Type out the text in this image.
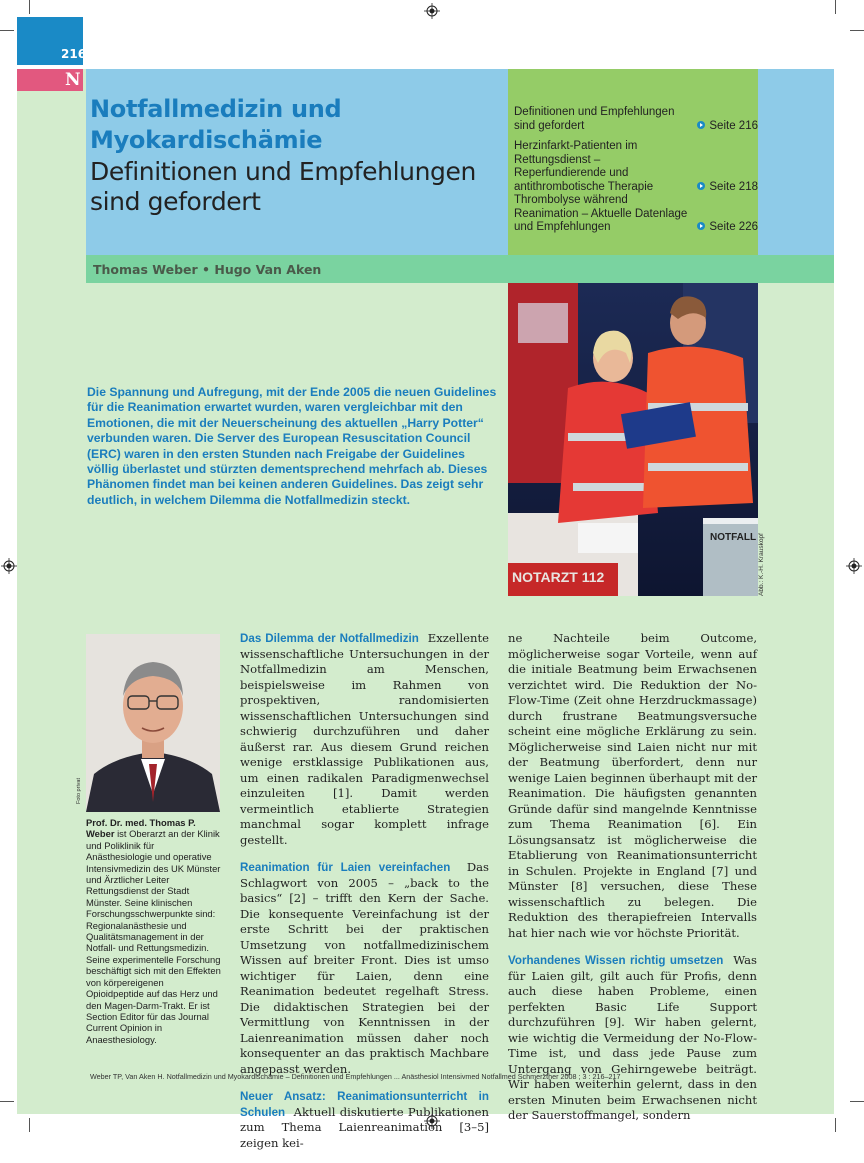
216
N
Notfallmedizin und Myokardischämie
Definitionen und Empfehlungen sind gefordert
Definitionen und Empfehlungen sind gefordert	Seite 216
Herzinfarkt-Patienten im Rettungsdienst – Reperfundierende und antithrombotische Therapie	Seite 218
Thrombolyse während Reanimation – Aktuelle Datenlage und Empfehlungen	Seite 226
Thomas Weber • Hugo Van Aken
Die Spannung und Aufregung, mit der Ende 2005 die neuen Guidelines für die Reanimation erwartet wurden, waren vergleichbar mit den Emotionen, die mit der Neuerscheinung des aktuellen „Harry Potter“ verbunden waren. Die Server des European Resuscitation Council (ERC) waren in den ersten Stunden nach Freigabe der Guidelines völlig überlastet und stürzten dementsprechend mehrfach ab. Dieses Phänomen findet man bei keinen anderen Guidelines. Das zeigt sehr deutlich, in welchem Dilemma die Notfallmedizin steckt.
NOTARZT 112
NOTFALL Abb.: K.-H. Krauskopf
Foto privat
Prof. Dr. med. Thomas P. Weber ist Oberarzt an der Klinik und Poliklinik für Anästhesiologie und operative Intensivmedizin des UK Münster und Ärztlicher Leiter Rettungsdienst der Stadt Münster. Seine klinischen Forschungsschwerpunkte sind: Regionalanästhesie und Qualitätsmanagement in der Notfall- und Rettungsmedizin. Seine experimentelle Forschung beschäftigt sich mit den Effekten von körpereigenen Opioidpeptide auf das Herz und den Magen-Darm-Trakt. Er ist Section Editor für das Journal Current Opinion in Anaesthesiology.

Das Dilemma der Notfallmedizin Exzellente wissenschaftliche Untersuchungen in der Notfallmedizin am Menschen, beispielsweise im Rahmen von prospektiven, randomisierten wissenschaftlichen Untersuchungen sind schwierig durchzuführen und daher äußerst rar. Aus diesem Grund reichen wenige erstklassige Publikationen aus, um einen radikalen Paradigmenwechsel einzuleiten [1]. Damit werden vermeintlich etablierte Strategien manchmal sogar komplett infrage gestellt.

Reanimation für Laien vereinfachen Das Schlagwort von 2005 – „back to the basics“ [2] – trifft den Kern der Sache. Die konsequente Vereinfachung ist der erste Schritt bei der praktischen Umsetzung von notfallmedizinischem Wissen auf breiter Front. Dies ist umso wichtiger für Laien, denn eine Reanimation bedeutet regelhaft Stress. Die didaktischen Strategien bei der Vermittlung von Kenntnissen in der Laienreanimation müssen daher noch konsequenter an das praktisch Machbare angepasst werden.

Neuer Ansatz: Reanimationsunterricht in Schulen Aktuell diskutierte Publikationen zum Thema Laienreanimation [3–5] zeigen kei-

ne Nachteile beim Outcome, möglicherweise sogar Vorteile, wenn auf die initiale Beatmung beim Erwachsenen verzichtet wird. Die Reduktion der No-Flow-Time (Zeit ohne Herzdruckmassage) durch frustrane Beatmungsversuche scheint eine mögliche Erklärung zu sein. Möglicherweise sind Laien nicht nur mit der Beatmung überfordert, denn nur wenige Laien beginnen überhaupt mit der Reanimation. Die häufigsten genannten Gründe dafür sind mangelnde Kenntnisse zum Thema Reanimation [6]. Ein Lösungsansatz ist möglicherweise die Etablierung von Reanimationsunterricht in Schulen. Projekte in England [7] und Münster [8] versuchen, diese These wissenschaftlich zu belegen. Die Reduktion des therapiefreien Intervalls hat hier nach wie vor höchste Priorität.

Vorhandenes Wissen richtig umsetzen Was für Laien gilt, gilt auch für Profis, denn auch diese haben Probleme, einen perfekten Basic Life Support durchzuführen [9]. Wir haben gelernt, wie wichtig die Vermeidung der No-Flow-Time ist, und dass jede Pause zum Untergang von Gehirngewebe beiträgt. Wir haben weiterhin gelernt, dass in den ersten Minuten beim Erwachsenen nicht der Sauerstoffmangel, sondern

Weber TP, Van Aken H. Notfallmedizin und Myokardischämie – Definitionen und Empfehlungen ... Anästhesiol Intensivmed Notfallmed Schmerzther 2008 ; 3 : 216–217
